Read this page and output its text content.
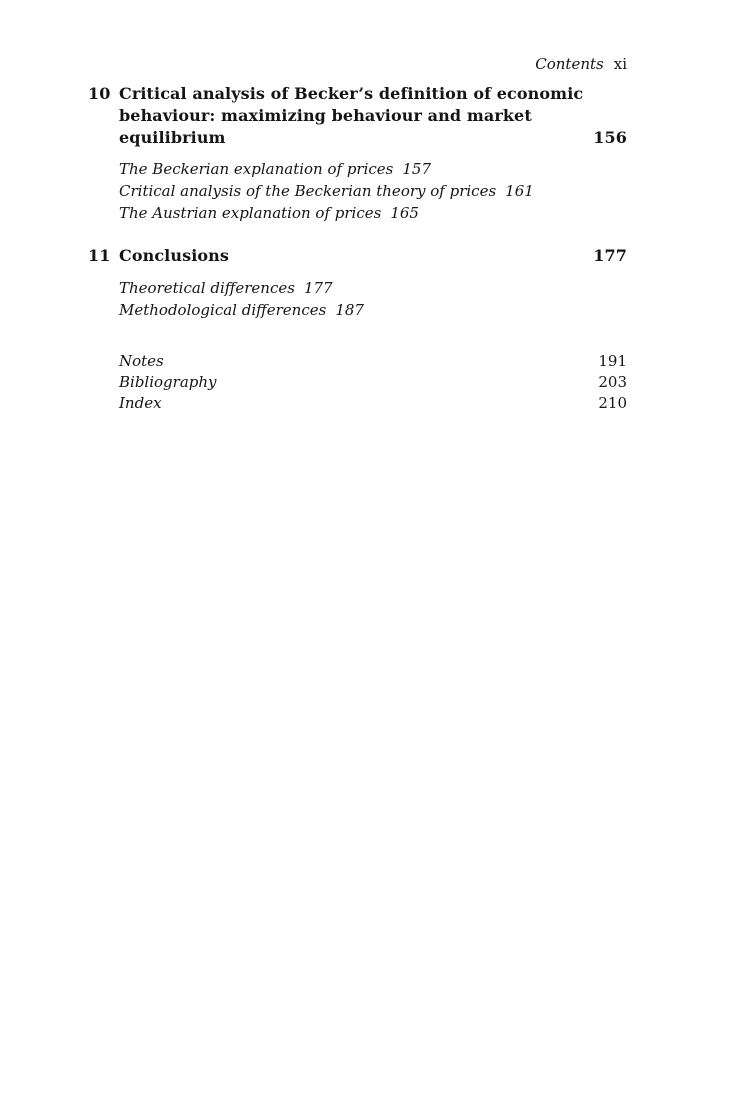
Contents xi
10 Critical analysis of Becker’s definition of economic
behaviour: maximizing behaviour and market
equilibrium	156
The Beckerian explanation of prices 157
Critical analysis of the Beckerian theory of prices 161
The Austrian explanation of prices 165
11 Conclusions	177
Theoretical differences 177
Methodological differences 187
Notes	191
Bibliography	203
Index	210
